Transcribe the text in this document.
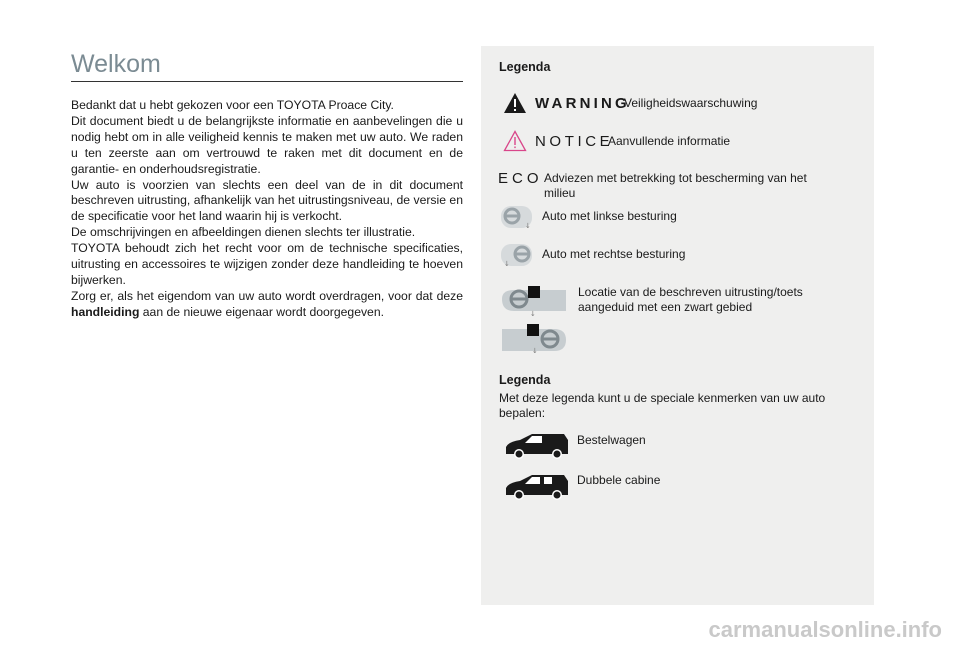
Welkom

Bedankt dat u hebt gekozen voor een TOYOTA Proace City.

Dit document biedt u de belangrijkste informatie en aanbevelingen die u nodig hebt om in alle veiligheid kennis te maken met uw auto. We raden u ten zeerste aan om vertrouwd te raken met dit document en de garantie- en onderhoudsregistratie.

Uw auto is voorzien van slechts een deel van de in dit document beschreven uitrusting, afhankelijk van het uitrustingsniveau, de versie en de specificatie voor het land waarin hij is verkocht.

De omschrijvingen en afbeeldingen dienen slechts ter illustratie.

TOYOTA behoudt zich het recht voor om de technische specificaties, uitrusting en accessoires te wijzigen zonder deze handleiding te hoeven bijwerken.

Zorg er, als het eigendom van uw auto wordt overdragen, voor dat deze handleiding aan de nieuwe eigenaar wordt doorgegeven.

Legenda
WARNING
Veiligheidswaarschuwing
NOTICE
Aanvullende informatie
ECO Adviezen met betrekking tot bescherming van het
milieu
↓
Auto met linkse besturing
↓
Auto met rechtse besturing
↓
Locatie van de beschreven uitrusting/toets
aangeduid met een zwart gebied
↓
Legenda
Met deze legenda kunt u de speciale kenmerken van uw auto bepalen:
Bestelwagen
Dubbele cabine
carmanualsonline.info
